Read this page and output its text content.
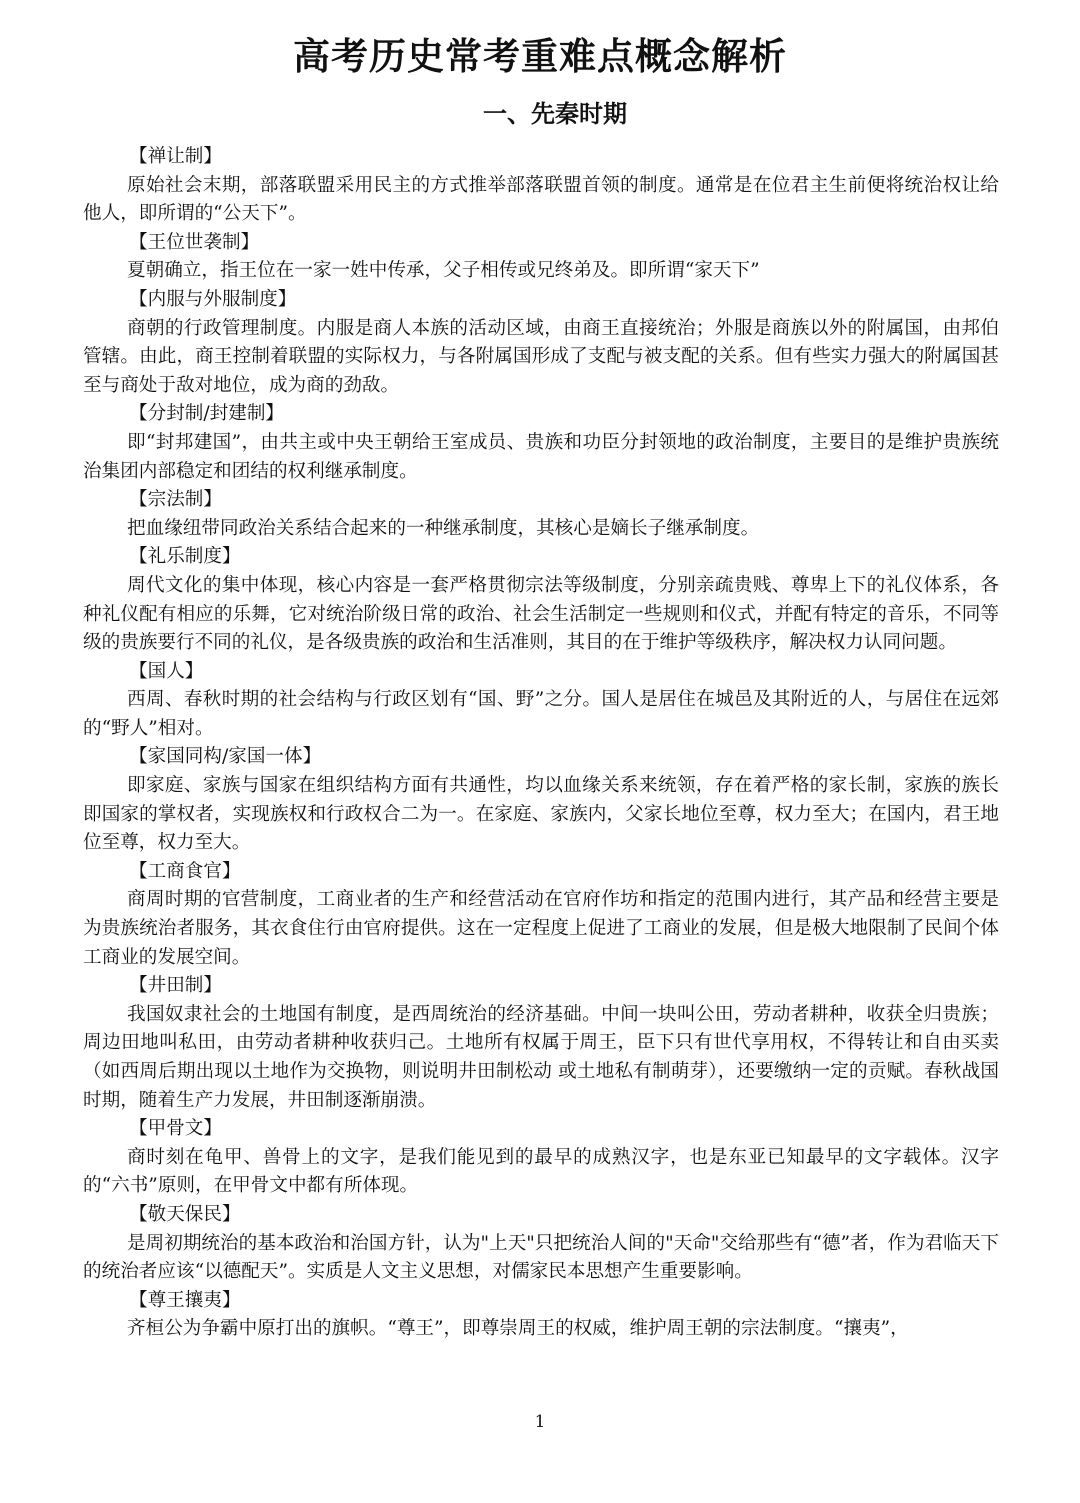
高考历史常考重难点概念解析
一、先秦时期

【禅让制】

原始社会末期，部落联盟采用民主的方式推举部落联盟首领的制度。通常是在位君主生前便将统治权让给他人，即所谓的“公天下”。

【王位世袭制】

夏朝确立，指王位在一家一姓中传承，父子相传或兄终弟及。即所谓“家天下”

【内服与外服制度】

商朝的行政管理制度。内服是商人本族的活动区域，由商王直接统治；外服是商族以外的附属国，由邦伯管辖。由此，商王控制着联盟的实际权力，与各附属国形成了支配与被支配的关系。但有些实力强大的附属国甚至与商处于敌对地位，成为商的劲敌。

【分封制/封建制】

即“封邦建国”，由共主或中央王朝给王室成员、贵族和功臣分封领地的政治制度，主要目的是维护贵族统治集团内部稳定和团结的权利继承制度。

【宗法制】

把血缘纽带同政治关系结合起来的一种继承制度，其核心是嫡长子继承制度。

【礼乐制度】

周代文化的集中体现，核心内容是一套严格贯彻宗法等级制度，分别亲疏贵贱、尊卑上下的礼仪体系，各种礼仪配有相应的乐舞，它对统治阶级日常的政治、社会生活制定一些规则和仪式，并配有特定的音乐，不同等级的贵族要行不同的礼仪，是各级贵族的政治和生活准则，其目的在于维护等级秩序，解决权力认同问题。

【国人】

西周、春秋时期的社会结构与行政区划有“国、野”之分。国人是居住在城邑及其附近的人，与居住在远郊的“野人”相对。

【家国同构/家国一体】

即家庭、家族与国家在组织结构方面有共通性，均以血缘关系来统领，存在着严格的家长制，家族的族长即国家的掌权者，实现族权和行政权合二为一。在家庭、家族内，父家长地位至尊，权力至大；在国内，君王地位至尊，权力至大。

【工商食官】

商周时期的官营制度，工商业者的生产和经营活动在官府作坊和指定的范围内进行，其产品和经营主要是为贵族统治者服务，其衣食住行由官府提供。这在一定程度上促进了工商业的发展，但是极大地限制了民间个体工商业的发展空间。

【井田制】

我国奴隶社会的土地国有制度，是西周统治的经济基础。中间一块叫公田，劳动者耕种，收获全归贵族；周边田地叫私田，由劳动者耕种收获归己。土地所有权属于周王，臣下只有世代享用权，不得转让和自由买卖（如西周后期出现以土地作为交换物，则说明井田制松动 或土地私有制萌芽），还要缴纳一定的贡赋。春秋战国时期，随着生产力发展，井田制逐渐崩溃。

【甲骨文】

商时刻在龟甲、兽骨上的文字，是我们能见到的最早的成熟汉字，也是东亚已知最早的文字载体。汉字的“六书”原则，在甲骨文中都有所体现。

【敬天保民】

是周初期统治的基本政治和治国方针，认为"上天"只把统治人间的"天命"交给那些有“德”者，作为君临天下的统治者应该“以德配天”。实质是人文主义思想，对儒家民本思想产生重要影响。

【尊王攘夷】

齐桓公为争霸中原打出的旗帜。“尊王”，即尊崇周王的权威，维护周王朝的宗法制度。“攘夷”，

1
